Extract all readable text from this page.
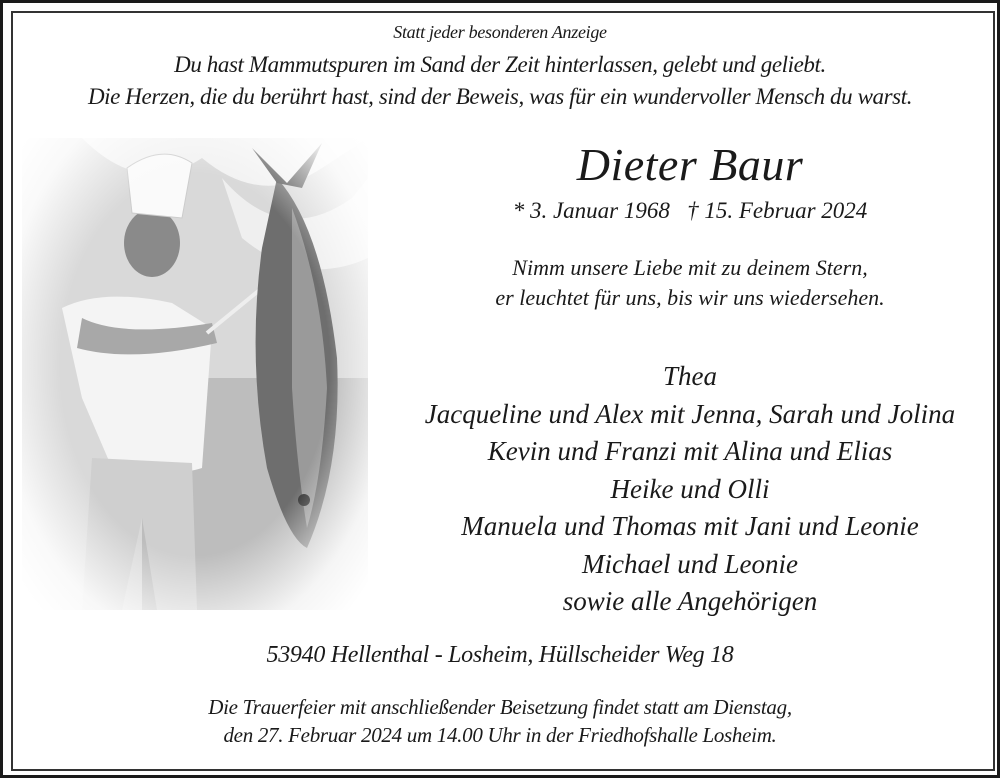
Statt jeder besonderen Anzeige
Du hast Mammutspuren im Sand der Zeit hinterlassen, gelebt und geliebt.
Die Herzen, die du berührt hast, sind der Beweis, was für ein wundervoller Mensch du warst.
Dieter Baur
* 3. Januar 1968   † 15. Februar 2024
Nimm unsere Liebe mit zu deinem Stern,
er leuchtet für uns, bis wir uns wiedersehen.
Thea
Jacqueline und Alex mit Jenna, Sarah und Jolina
Kevin und Franzi mit Alina und Elias
Heike und Olli
Manuela und Thomas mit Jani und Leonie
Michael und Leonie
sowie alle Angehörigen
53940 Hellenthal - Losheim, Hüllscheider Weg 18
Die Trauerfeier mit anschließender Beisetzung findet statt am Dienstag,
den 27. Februar 2024 um 14.00 Uhr in der Friedhofshalle Losheim.
